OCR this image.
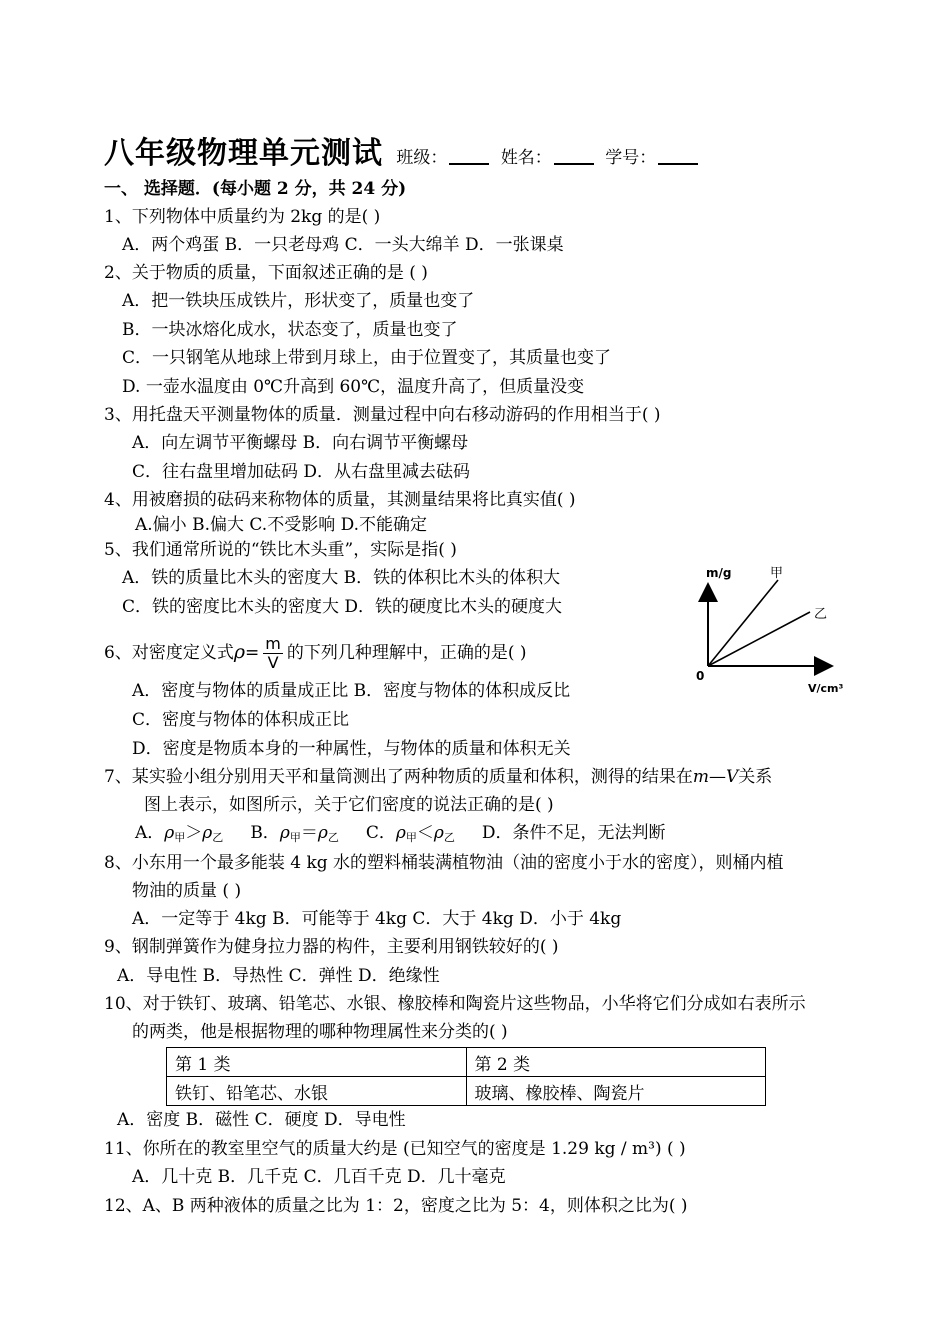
八年级物理单元测试 班级：	姓名：	学号：
一、 选择题．(每小题 2 分，共 24 分)
1、下列物体中质量约为 2kg 的是( )
A．两个鸡蛋 B．一只老母鸡 C．一头大绵羊 D．一张课桌
2、关于物质的质量，下面叙述正确的是 ( )
A．把一铁块压成铁片，形状变了，质量也变了
B．一块冰熔化成水，状态变了，质量也变了
C．一只钢笔从地球上带到月球上，由于位置变了，其质量也变了
D. 一壶水温度由 0℃升高到 60℃，温度升高了，但质量没变
3、用托盘天平测量物体的质量．测量过程中向右移动游码的作用相当于( )
A．向左调节平衡螺母 B．向右调节平衡螺母
C．往右盘里增加砝码 D．从右盘里减去砝码
4、用被磨损的砝码来称物体的质量，其测量结果将比真实值( )
A.偏小 B.偏大 C.不受影响 D.不能确定
5、我们通常所说的“铁比木头重”，实际是指( )
A．铁的质量比木头的密度大 B．铁的体积比木头的体积大
C．铁的密度比木头的密度大 D．铁的硬度比木头的硬度大
6、对密度定义式$\rho= \frac{m}{V}$ 的下列几种理解中，正确的是( )
A．密度与物体的质量成正比 B．密度与物体的体积成反比
C．密度与物体的体积成正比
D．密度是物质本身的一种属性，与物体的质量和体积无关
m/g
V/cm³
0
甲
乙
7、某实验小组分别用天平和量筒测出了两种物质的质量和体积，测得的结果在m—V关系
图上表示，如图所示，关于它们密度的说法正确的是( )
A．$\rho_甲>\rho_乙$ B．$\rho_甲=\rho_乙$ C．$\rho_甲<\rho_乙$ D．条件不足，无法判断
8、小东用一个最多能装 4 kg 水的塑料桶装满植物油（油的密度小于水的密度），则桶内植
物油的质量 ( )
A．一定等于 4kg B．可能等于 4kg C．大于 4kg D．小于 4kg
9、钢制弹簧作为健身拉力器的构件，主要利用钢铁较好的( )
A．导电性 B．导热性 C．弹性 D．绝缘性
10、对于铁钉、玻璃、铅笔芯、水银、橡胶棒和陶瓷片这些物品，小华将它们分成如右表所示
的两类，他是根据物理的哪种物理属性来分类的( )
第 1 类	第 2 类
铁钉、铅笔芯、水银	玻璃、橡胶棒、陶瓷片
A．密度 B．磁性 C．硬度 D．导电性
11、你所在的教室里空气的质量大约是 (已知空气的密度是 1.29 kg / m³) ( )
A．几十克 B．几千克 C．几百千克 D．几十毫克
12、A、B 两种液体的质量之比为 1：2，密度之比为 5：4，则体积之比为( )
